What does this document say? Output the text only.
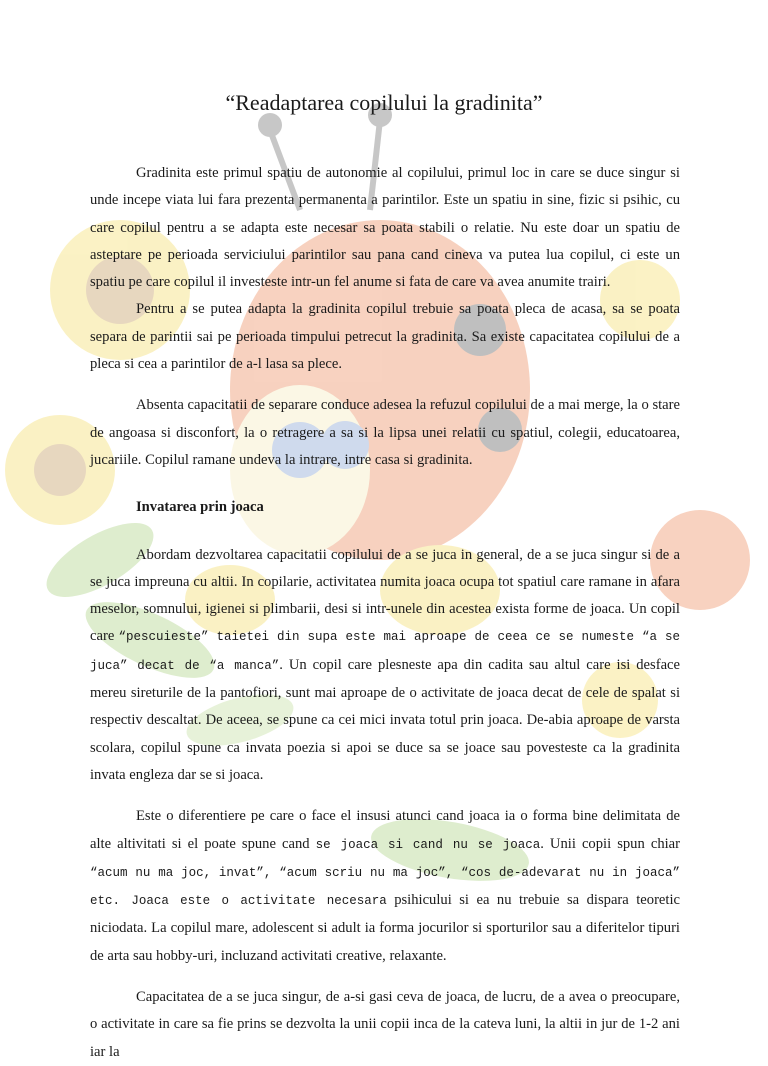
“Readaptarea copilului la gradinita”

Gradinita este primul spatiu de autonomie al copilului, primul loc in care se duce singur si unde incepe viata lui fara prezenta permanenta a parintilor. Este un spatiu in sine, fizic si psihic, cu care copilul pentru a se adapta este necesar sa poata stabili o relatie. Nu este doar un spatiu de asteptare pe perioada serviciului parintilor sau pana cand cineva va putea lua copilul, ci este un spatiu pe care copilul il investeste intr-un fel anume si fata de care va avea anumite trairi.

Pentru a se putea adapta la gradinita copilul trebuie sa poata pleca de acasa, sa se poata separa de parintii sai pe perioada timpului petrecut la gradinita. Sa existe capacitatea copilului de a pleca si cea a parintilor de a-l lasa sa plece.

Absenta capacitatii de separare conduce adesea la refuzul copilului de a mai merge, la o stare de angoasa si disconfort, la o retragere a sa si la lipsa unei relatii cu spatiul, colegii, educatoarea, jucariile. Copilul ramane undeva la intrare, intre casa si gradinita.

Invatarea prin joaca

Abordam dezvoltarea capacitatii copilului de a se juca in general, de a se juca singur si de a se juca impreuna cu altii. In copilarie, activitatea numita joaca ocupa tot spatiul care ramane in afara meselor, somnului, igienei si plimbarii, desi si intr-unele din acestea exista forme de joaca. Un copil care “pescuieste” taietei din supa este mai aproape de ceea ce se numeste “a se juca” decat de “a manca”. Un copil care plesneste apa din cadita sau altul care isi desface mereu sireturile de la pantofiori, sunt mai aproape de o activitate de joaca decat de cele de spalat si respectiv descaltat. De aceea, se spune ca cei mici invata totul prin joaca. De-abia aproape de varsta scolara, copilul spune ca invata poezia si apoi se duce sa se joace sau povesteste ca la gradinita invata engleza dar se si joaca.

Este o diferentiere pe care o face el insusi atunci cand joaca ia o forma bine delimitata de alte altivitati si el poate spune cand se joaca si cand nu se joaca. Unii copii spun chiar “acum nu ma joc, invat”, “acum scriu nu ma joc”, “cos de-adevarat nu in joaca” etc. Joaca este o activitate necesara psihicului si ea nu trebuie sa dispara teoretic niciodata. La copilul mare, adolescent si adult ia forma jocurilor si sporturilor sau a diferitelor tipuri de arta sau hobby-uri, incluzand activitati creative, relaxante.

Capacitatea de a se juca singur, de a-si gasi ceva de joaca, de lucru, de a avea o preocupare, o activitate in care sa fie prins se dezvolta la unii copii inca de la cateva luni, la altii in jur de 1-2 ani iar la
